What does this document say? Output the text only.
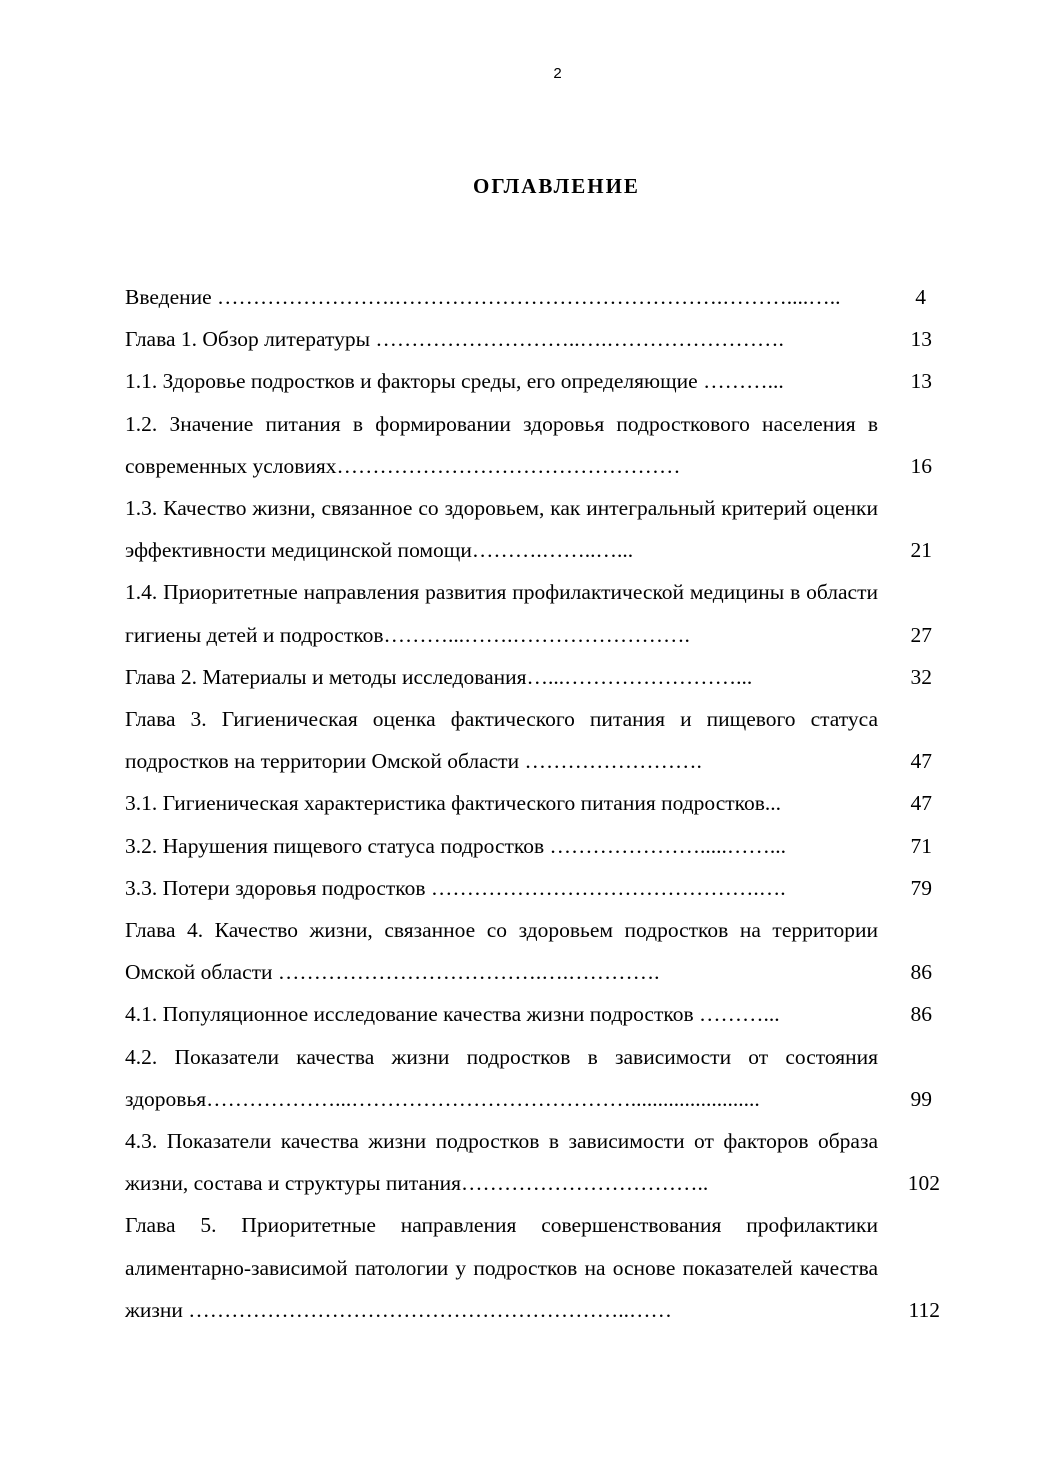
2
ОГЛАВЛЕНИЕ
Введение …………………….……………………………………….………....…..	4
Глава 1. Обзор литературы ………………………..….…………………….	13
1.1. Здоровье подростков и факторы среды, его определяющие ………...	13
1.2. Значение питания в формировании здоровья подросткового населения в современных условиях…………………………………………	16
1.3. Качество жизни, связанное со здоровьем, как интегральный критерий оценки эффективности медицинской помощи……….……..…...	21
1.4. Приоритетные направления развития профилактической медицины в области гигиены детей и подростков………...…….…………………….	27
Глава 2. Материалы и методы исследования…...……………………...	32
Глава 3. Гигиеническая оценка фактического питания и пищевого статуса подростков на территории Омской области …………………….	47
3.1. Гигиеническая характеристика фактического питания подростков...	47
3.2. Нарушения пищевого статуса подростков ………………….....……...	71
3.3. Потери здоровья подростков ……………………………………….….	79
Глава 4. Качество жизни, связанное со здоровьем подростков на территории Омской области ……………………………….….………….	86
4.1. Популяционное исследование качества жизни подростков ………...	86
4.2. Показатели качества жизни подростков в зависимости от состояния здоровья………………...…………………………………........................	99
4.3. Показатели качества жизни подростков в зависимости от факторов образа жизни, состава и структуры питания……………………………..	102
Глава 5. Приоритетные направления совершенствования профилактики алиментарно-зависимой патологии у подростков на основе показателей качества жизни ……………………………………………………..……	112
